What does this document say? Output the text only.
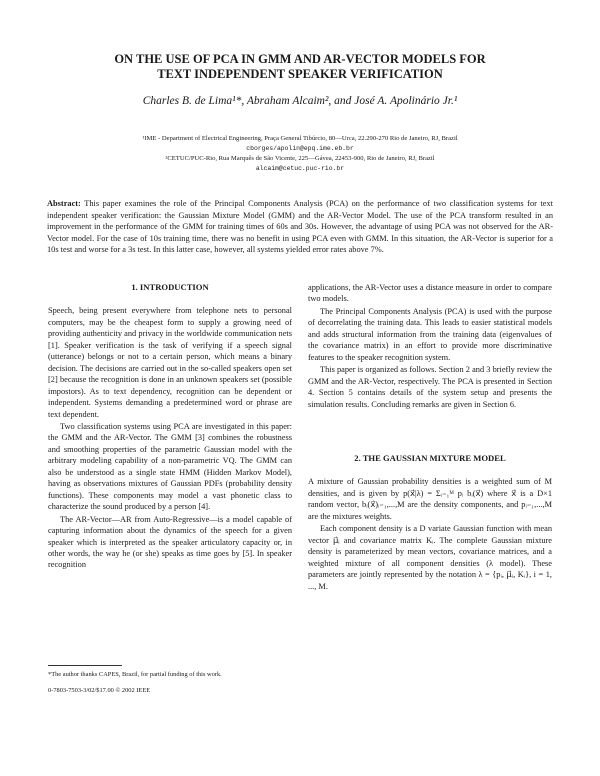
ON THE USE OF PCA IN GMM AND AR-VECTOR MODELS FOR
TEXT INDEPENDENT SPEAKER VERIFICATION
Charles B. de Lima¹*, Abraham Alcaim², and José A. Apolinário Jr.¹
¹IME - Department of Electrical Engineering, Praça General Tibúrcio, 80—Urca, 22.290-270 Rio de Janeiro, RJ, Brazil
cborges/apolin@epq.ime.eb.br
²CETUC/PUC-Rio, Rua Marquês de São Vicente, 225—Gávea, 22453-900, Rio de Janeiro, RJ, Brazil
alcaim@cetuc.puc-rio.br
Abstract: This paper examines the role of the Principal Components Analysis (PCA) on the performance of two classification systems for text independent speaker verification: the Gaussian Mixture Model (GMM) and the AR-Vector Model. The use of the PCA transform resulted in an improvement in the performance of the GMM for training times of 60s and 30s. However, the advantage of using PCA was not observed for the AR-Vector model. For the case of 10s training time, there was no benefit in using PCA even with GMM. In this situation, the AR-Vector is superior for a 10s test and worse for a 3s test. In this latter case, however, all systems yielded error rates above 7%.
1. INTRODUCTION

Speech, being present everywhere from telephone nets to personal computers, may be the cheapest form to supply a growing need of providing authenticity and privacy in the worldwide communication nets [1]. Speaker verification is the task of verifying if a speech signal (utterance) belongs or not to a certain person, which means a binary decision. The decisions are carried out in the so-called speakers open set [2] because the recognition is done in an unknown speakers set (possible impostors). As to text dependency, recognition can be dependent or independent. Systems demanding a predetermined word or phrase are text dependent.

Two classification systems using PCA are investigated in this paper: the GMM and the AR-Vector. The GMM [3] combines the robustness and smoothing properties of the parametric Gaussian model with the arbitrary modeling capability of a non-parametric VQ. The GMM can also be understood as a single state HMM (Hidden Markov Model), having as observations mixtures of Gaussian PDFs (probability density functions). These components may model a vast phonetic class to characterize the sound produced by a person [4].

The AR-Vector—AR from Auto-Regressive—is a model capable of capturing information about the dynamics of the speech for a given speaker which is interpreted as the speaker articulatory capacity or, in other words, the way he (or she) speaks as time goes by [5]. In speaker recognition

applications, the AR-Vector uses a distance measure in order to compare two models.

The Principal Components Analysis (PCA) is used with the purpose of decorrelating the training data. This leads to easier statistical models and adds structural information from the training data (eigenvalues of the covariance matrix) in an effort to provide more discriminative features to the speaker recognition system.

This paper is organized as follows. Section 2 and 3 briefly review the GMM and the AR-Vector, respectively. The PCA is presented in Section 4. Section 5 contains details of the system setup and presents the simulation results. Concluding remarks are given in Section 6.

2. THE GAUSSIAN MIXTURE MODEL

A mixture of Gaussian probability densities is a weighted sum of M densities, and is given by p(x⃗|λ) = Σᵢ₌₁ᴹ pᵢ bᵢ(x⃗) where x⃗ is a D×1 random vector, bᵢ(x⃗)ᵢ₌₁,...,M are the density components, and pᵢ₌₁,...,M are the mixtures weights.

Each component density is a D variate Gaussian function with mean vector μ⃗ᵢ and covariance matrix Kᵢ. The complete Gaussian mixture density is parameterized by mean vectors, covariance matrices, and a weighted mixture of all component densities (λ model). These parameters are jointly represented by the notation λ = {pᵢ, μ⃗ᵢ, Kᵢ}, i = 1, ..., M.

*The author thanks CAPES, Brazil, for partial funding of this work.
0-7803-7503-3/02/$17.00 © 2002 IEEE
